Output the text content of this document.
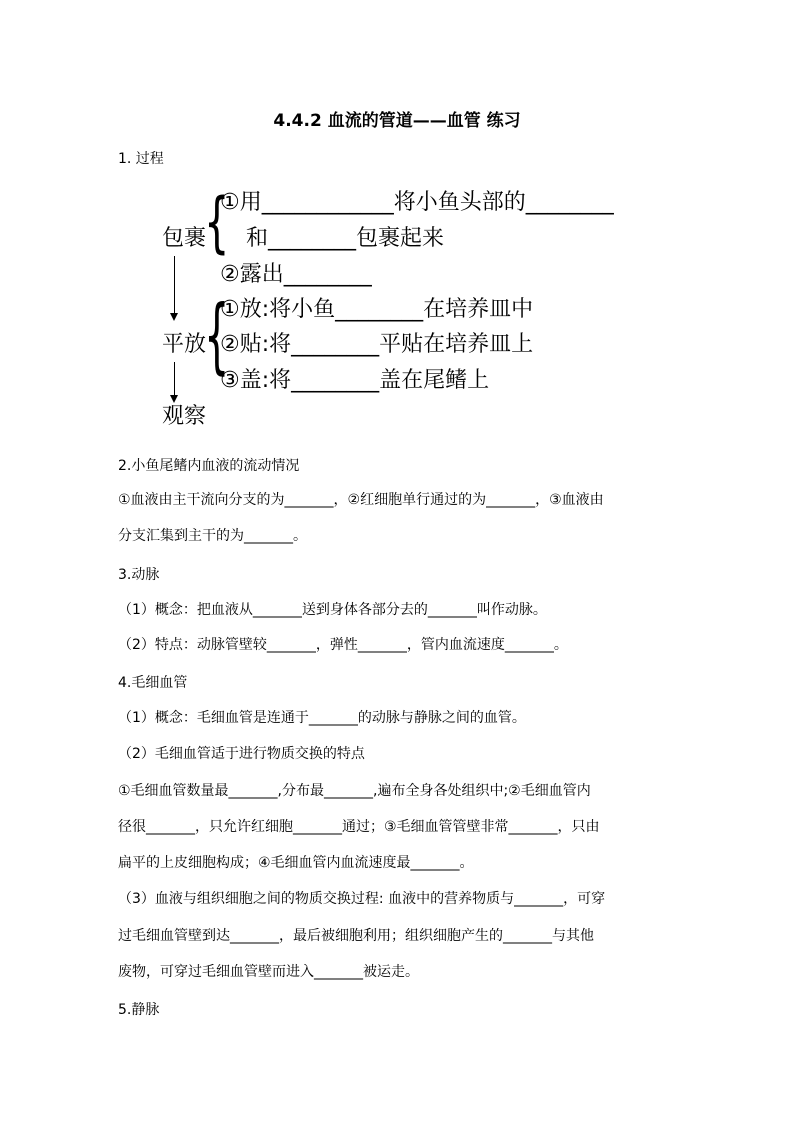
4.4.2 血流的管道——血管 练习
1. 过程
包裹
{
①用____________将小鱼头部的________
和________包裹起来
②露出________
平放
{
①放:将小鱼________在培养皿中
②贴:将________平贴在培养皿上
③盖:将________盖在尾鳍上
观察
2.小鱼尾鳍内血液的流动情况
①血液由主干流向分支的为_______，②红细胞单行通过的为_______，③血液由
分支汇集到主干的为_______。
3.动脉
（1）概念：把血液从_______送到身体各部分去的_______叫作动脉。
（2）特点：动脉管壁较_______，弹性_______，管内血流速度_______。
4.毛细血管
（1）概念：毛细血管是连通于_______的动脉与静脉之间的血管。
（2）毛细血管适于进行物质交换的特点
①毛细血管数量最_______,分布最_______,遍布全身各处组织中;②毛细血管内
径很_______，只允许红细胞_______通过；③毛细血管管壁非常_______，只由
扁平的上皮细胞构成；④毛细血管内血流速度最_______。
（3）血液与组织细胞之间的物质交换过程: 血液中的营养物质与_______，可穿
过毛细血管壁到达_______，最后被细胞利用；组织细胞产生的_______与其他
废物，可穿过毛细血管壁而进入_______被运走。
5.静脉
